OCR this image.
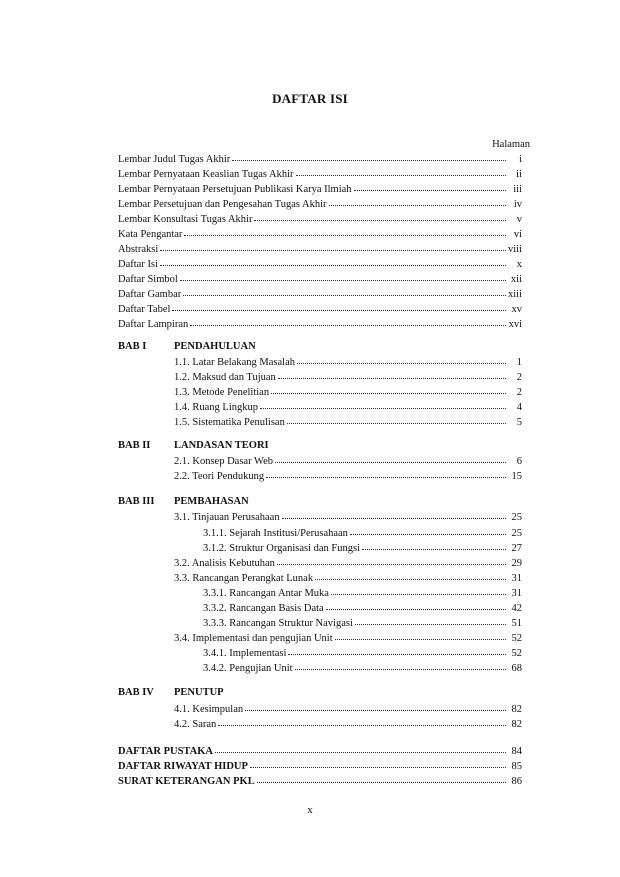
DAFTAR ISI
Halaman
Lembar Judul Tugas Akhir	i
Lembar Pernyataan Keaslian Tugas Akhir	ii
Lembar Pernyataan Persetujuan Publikasi Karya Ilmiah	iii
Lembar Persetujuan dan Pengesahan Tugas Akhir	iv
Lembar Konsultasi Tugas Akhir	v
Kata Pengantar	vi
Abstraksi	viii
Daftar Isi	x
Daftar Simbol	xii
Daftar Gambar	xiii
Daftar Tabel	xv
Daftar Lampiran	xvi
BAB I	PENDAHULUAN
1.1. Latar Belakang Masalah	1
1.2. Maksud dan Tujuan	2
1.3. Metode Penelitian	2
1.4. Ruang Lingkup	4
1.5. Sistematika Penulisan	5
BAB II LANDASAN TEORI
2.1. Konsep Dasar Web	6
2.2. Teori Pendukung	15
BAB III PEMBAHASAN
3.1. Tinjauan Perusahaan	25
3.1.1. Sejarah Institusi/Perusahaan	25
3.1.2. Struktur Organisasi dan Fungsi	27
3.2. Analisis Kebutuhan	29
3.3. Rancangan Perangkat Lunak	31
3.3.1. Rancangan Antar Muka	31
3.3.2. Rancangan Basis Data	42
3.3.3. Rancangan Struktur Navigasi	51
3.4. Implementasi dan pengujian Unit	52
3.4.1. Implementasi	52
3.4.2. Pengujian Unit	68
BAB IV PENUTUP
4.1. Kesimpulan	82
4.2. Saran	82
DAFTAR PUSTAKA	84
DAFTAR RIWAYAT HIDUP	85
SURAT KETERANGAN PKL	86
x
